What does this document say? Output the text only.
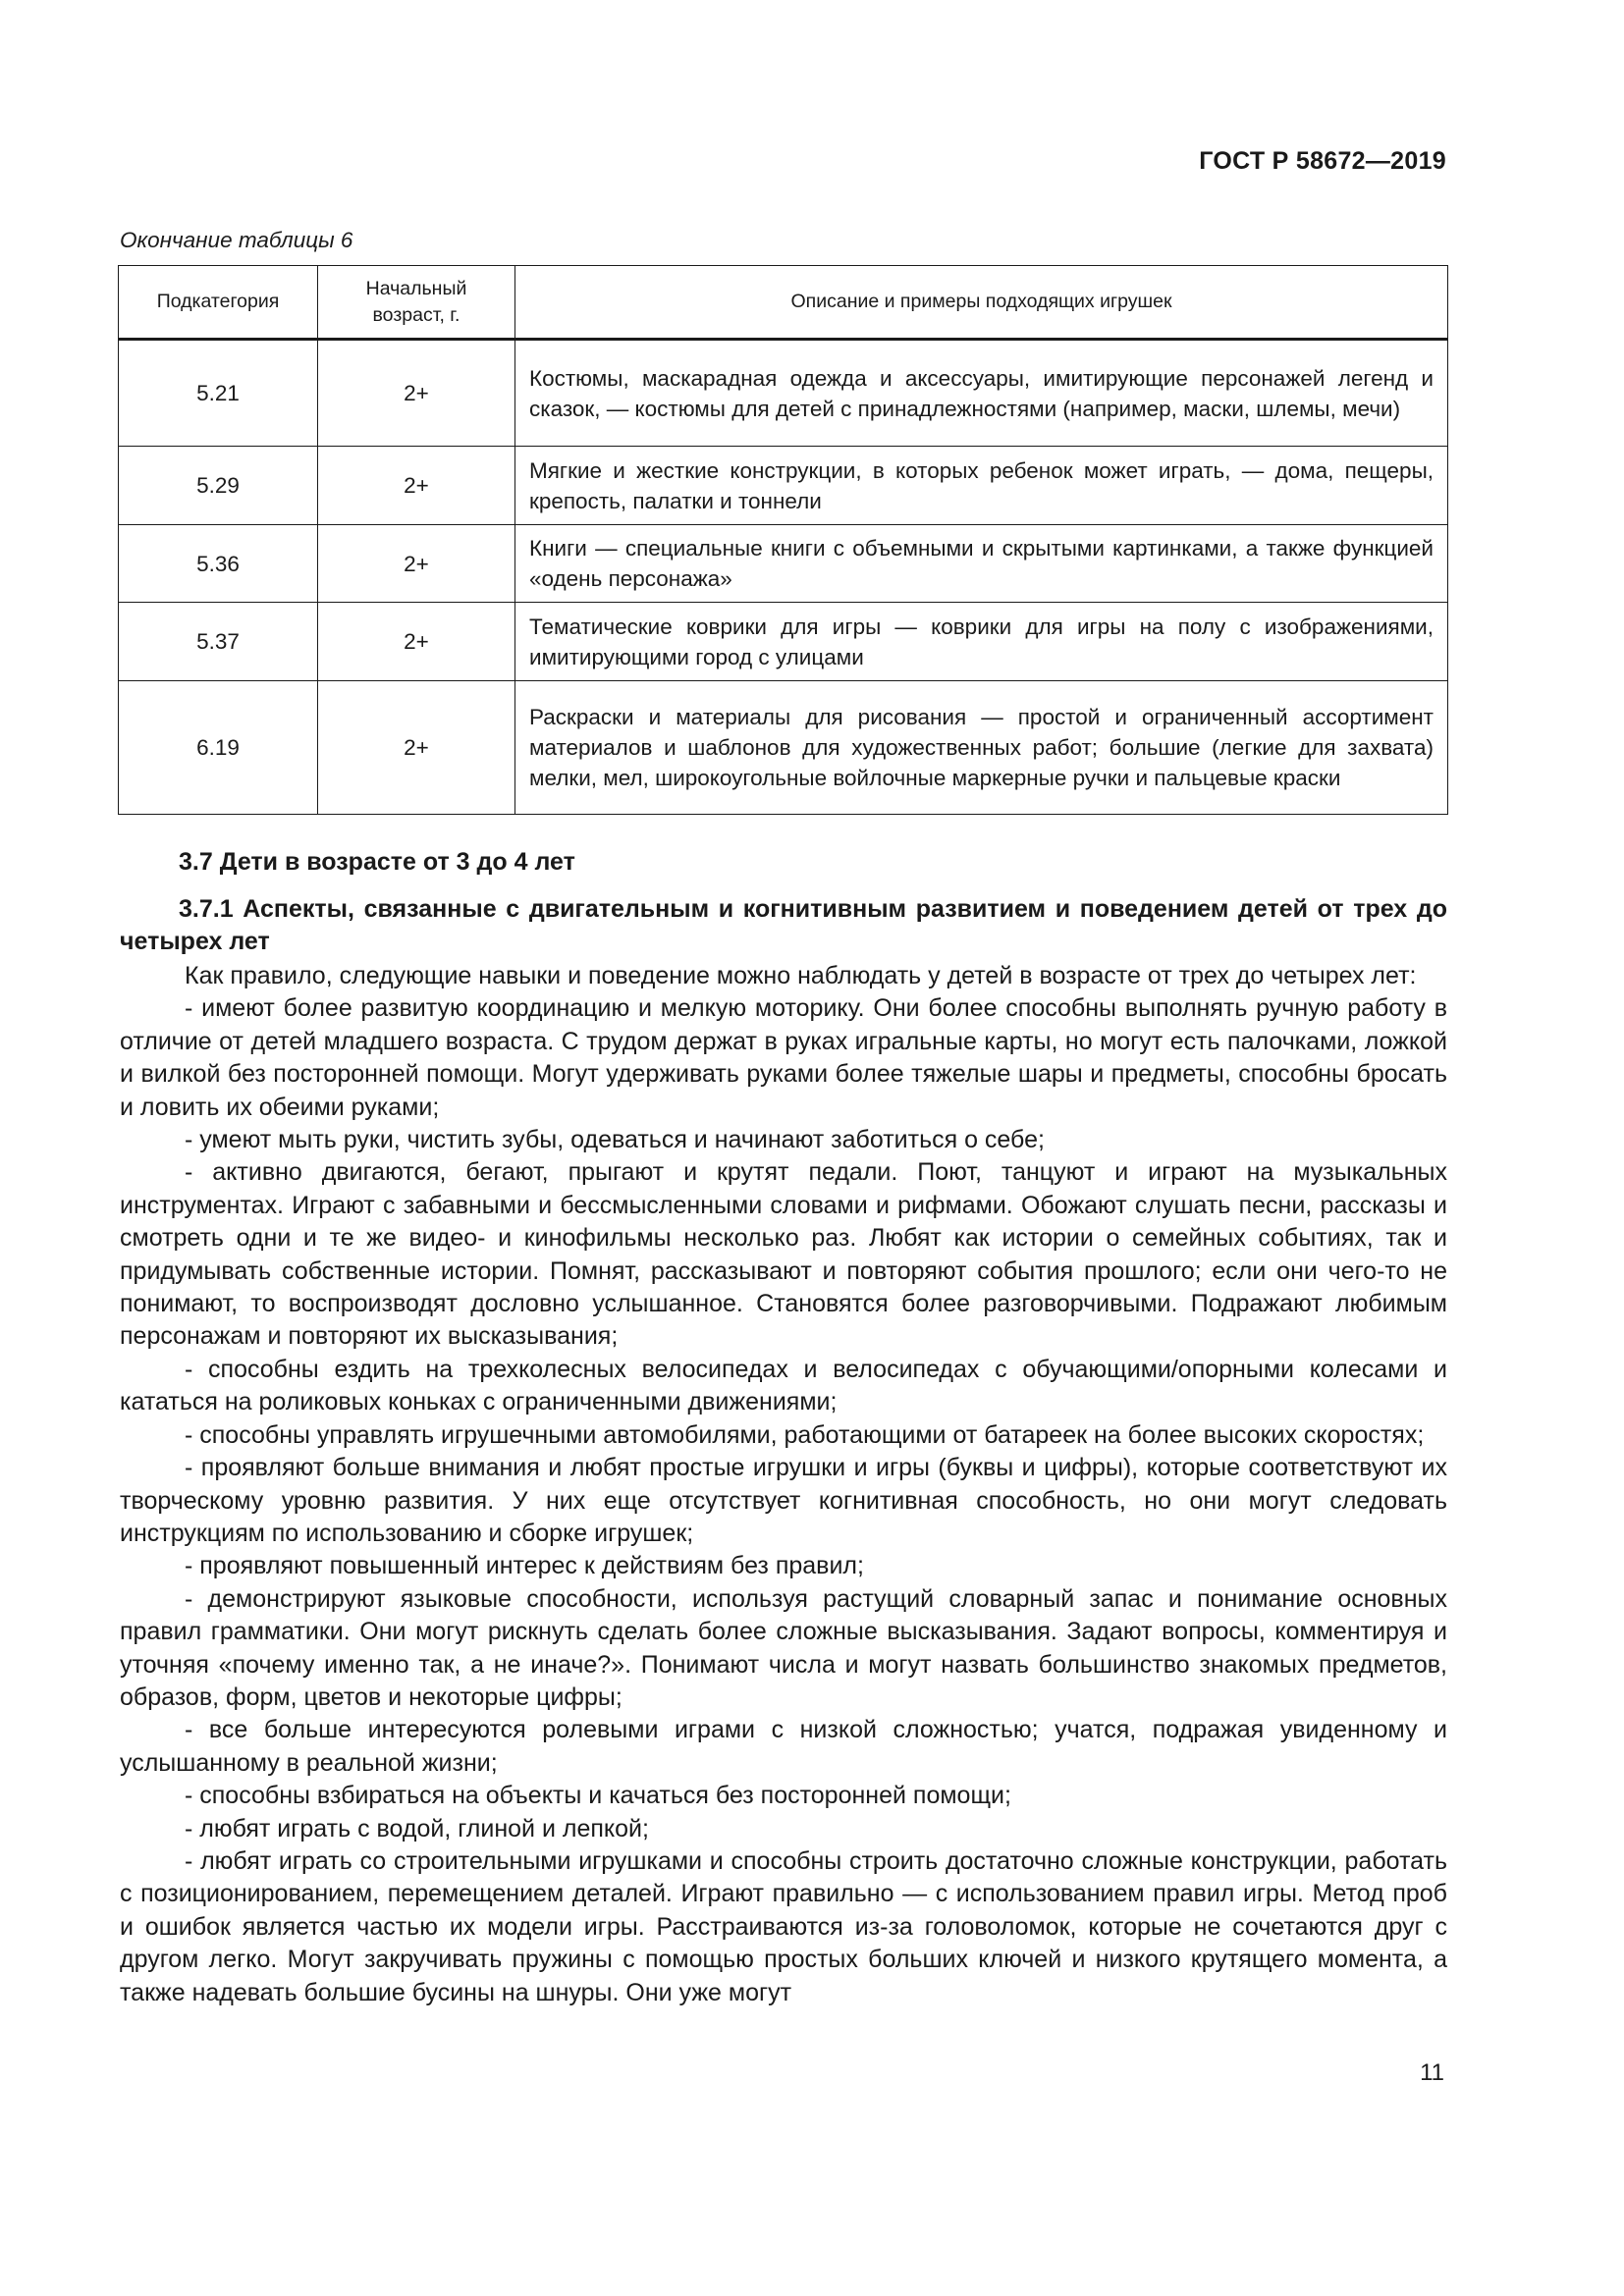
ГОСТ Р 58672—2019
Окончание таблицы 6
Подкатегория	Начальный возраст, г.	Описание и примеры подходящих игрушек
5.21	2+	Костюмы, маскарадная одежда и аксессуары, имитирующие персонажей легенд и сказок, — костюмы для детей с принадлежностями (например, маски, шлемы, мечи)
5.29	2+	Мягкие и жесткие конструкции, в которых ребенок может играть, — дома, пещеры, крепость, палатки и тоннели
5.36	2+	Книги — специальные книги с объемными и скрытыми картинками, а также функцией «одень персонажа»
5.37	2+	Тематические коврики для игры — коврики для игры на полу с изображениями, имитирующими город с улицами
6.19	2+	Раскраски и материалы для рисования — простой и ограниченный ассортимент материалов и шаблонов для художественных работ; большие (легкие для захвата) мелки, мел, широкоугольные войлочные маркерные ручки и пальцевые краски
3.7 Дети в возрасте от 3 до 4 лет
3.7.1 Аспекты, связанные с двигательным и когнитивным развитием и поведением детей от трех до четырех лет

Как правило, следующие навыки и поведение можно наблюдать у детей в возрасте от трех до четырех лет:

- имеют более развитую координацию и мелкую моторику. Они более способны выполнять ручную работу в отличие от детей младшего возраста. С трудом держат в руках игральные карты, но могут есть палочками, ложкой и вилкой без посторонней помощи. Могут удерживать руками более тяжелые шары и предметы, способны бросать и ловить их обеими руками;

- умеют мыть руки, чистить зубы, одеваться и начинают заботиться о себе;

- активно двигаются, бегают, прыгают и крутят педали. Поют, танцуют и играют на музыкальных инструментах. Играют с забавными и бессмысленными словами и рифмами. Обожают слушать песни, рассказы и смотреть одни и те же видео- и кинофильмы несколько раз. Любят как истории о семейных событиях, так и придумывать собственные истории. Помнят, рассказывают и повторяют события прошлого; если они чего-то не понимают, то воспроизводят дословно услышанное. Становятся более разговорчивыми. Подражают любимым персонажам и повторяют их высказывания;

- способны ездить на трехколесных велосипедах и велосипедах с обучающими/опорными колесами и кататься на роликовых коньках с ограниченными движениями;

- способны управлять игрушечными автомобилями, работающими от батареек на более высоких скоростях;

- проявляют больше внимания и любят простые игрушки и игры (буквы и цифры), которые соответствуют их творческому уровню развития. У них еще отсутствует когнитивная способность, но они могут следовать инструкциям по использованию и сборке игрушек;

- проявляют повышенный интерес к действиям без правил;

- демонстрируют языковые способности, используя растущий словарный запас и понимание основных правил грамматики. Они могут рискнуть сделать более сложные высказывания. Задают вопросы, комментируя и уточняя «почему именно так, а не иначе?». Понимают числа и могут назвать большинство знакомых предметов, образов, форм, цветов и некоторые цифры;

- все больше интересуются ролевыми играми с низкой сложностью; учатся, подражая увиденному и услышанному в реальной жизни;

- способны взбираться на объекты и качаться без посторонней помощи;

- любят играть с водой, глиной и лепкой;

- любят играть со строительными игрушками и способны строить достаточно сложные конструкции, работать с позиционированием, перемещением деталей. Играют правильно — с использованием правил игры. Метод проб и ошибок является частью их модели игры. Расстраиваются из-за головоломок, которые не сочетаются друг с другом легко. Могут закручивать пружины с помощью простых больших ключей и низкого крутящего момента, а также надевать большие бусины на шнуры. Они уже могут

11
